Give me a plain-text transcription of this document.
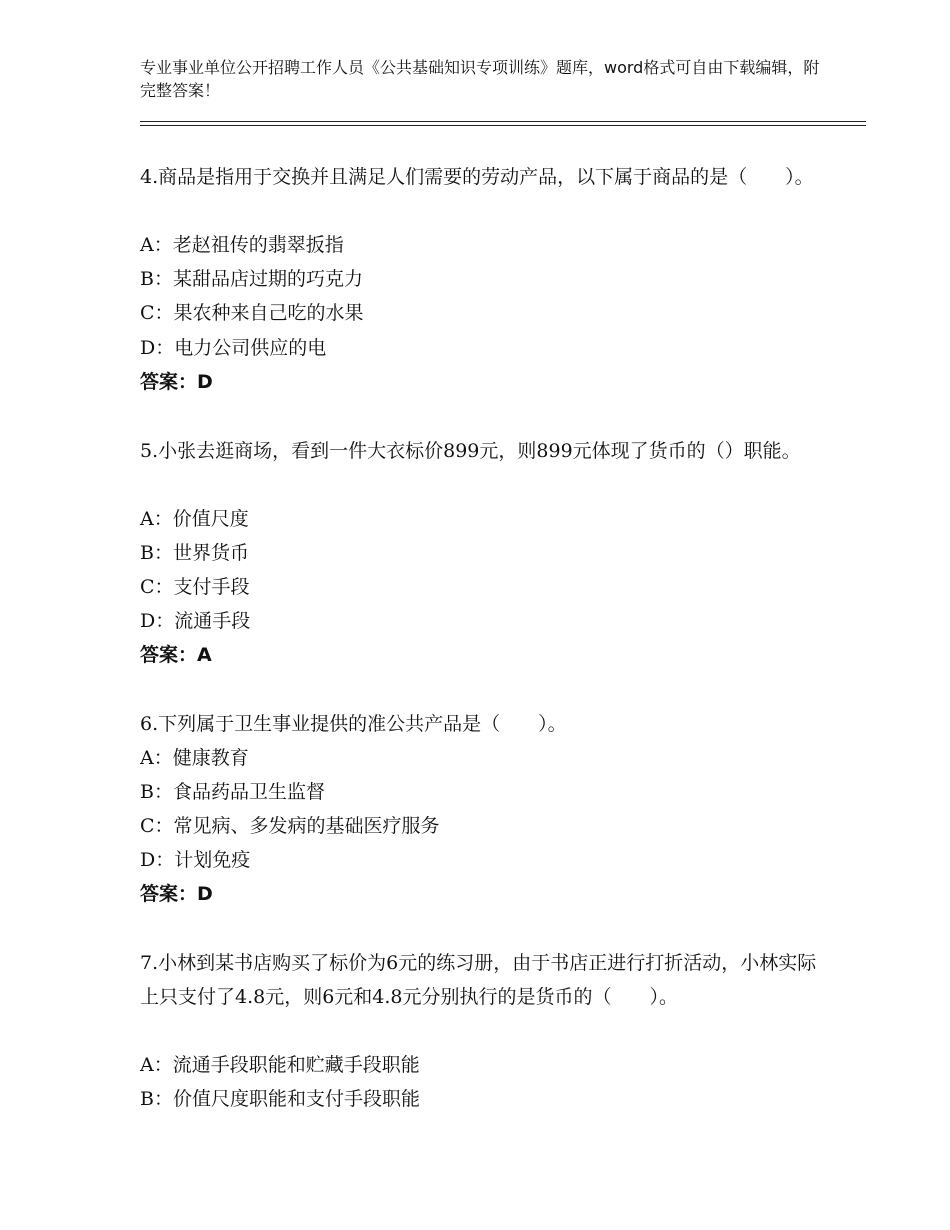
专业事业单位公开招聘工作人员《公共基础知识专项训练》题库，word格式可自由下载编辑，附完整答案！
4.商品是指用于交换并且满足人们需要的劳动产品，以下属于商品的是（　　）。
A：老赵祖传的翡翠扳指
B：某甜品店过期的巧克力
C：果农种来自己吃的水果
D：电力公司供应的电
答案：D
5.小张去逛商场，看到一件大衣标价899元，则899元体现了货币的（）职能。
A：价值尺度
B：世界货币
C：支付手段
D：流通手段
答案：A
6.下列属于卫生事业提供的准公共产品是（　　）。
A：健康教育
B：食品药品卫生监督
C：常见病、多发病的基础医疗服务
D：计划免疫
答案：D
7.小林到某书店购买了标价为6元的练习册，由于书店正进行打折活动，小林实际上只支付了4.8元，则6元和4.8元分别执行的是货币的（　　）。
A：流通手段职能和贮藏手段职能
B：价值尺度职能和支付手段职能
